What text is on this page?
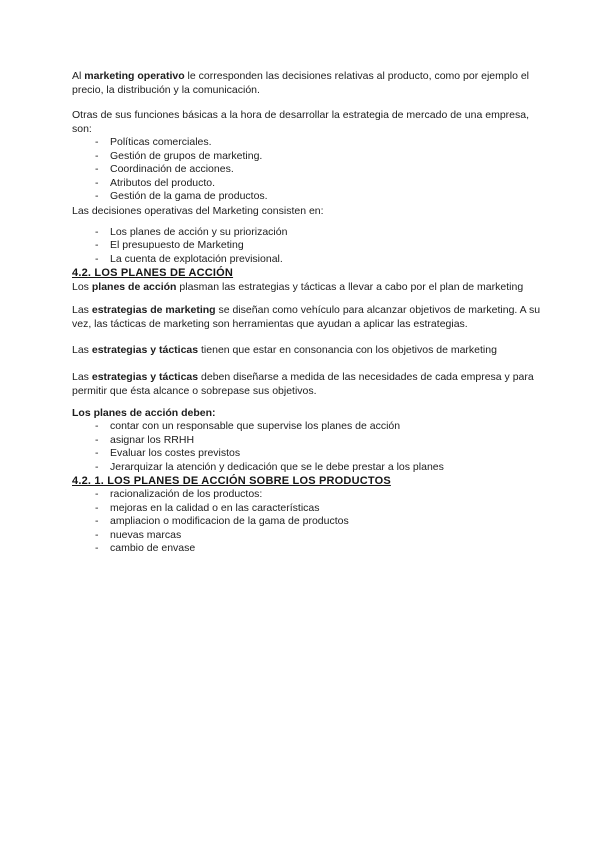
Al marketing operativo le corresponden las decisiones relativas al producto, como por ejemplo el precio, la distribución y la comunicación.

Otras de sus funciones básicas a la hora de desarrollar la estrategia de mercado de una empresa, son:

- Políticas comerciales.
- Gestión de grupos de marketing.
- Coordinación de acciones.
- Atributos del producto.
- Gestión de la gama de productos.

Las decisiones operativas del Marketing consisten en:

- Los planes de acción y su priorización
- El presupuesto de Marketing
- La cuenta de explotación previsional.
4.2. LOS PLANES DE ACCIÓN

Los planes de acción plasman las estrategias y tácticas a llevar a cabo por el plan de marketing

Las estrategias de marketing se diseñan como vehículo para alcanzar objetivos de marketing. A su vez, las tácticas de marketing son herramientas que ayudan a aplicar las estrategias.

Las estrategias y tácticas tienen que estar en consonancia con los objetivos de marketing

Las estrategias y tácticas deben diseñarse a medida de las necesidades de cada empresa y para permitir que ésta alcance o sobrepase sus objetivos.

Los planes de acción deben:

- contar con un responsable que supervise los planes de acción
- asignar los RRHH
- Evaluar los costes previstos
- Jerarquizar la atención y dedicación que se le debe prestar a los planes
4.2. 1. LOS PLANES DE ACCIÓN SOBRE LOS PRODUCTOS
- racionalización de los productos:
- mejoras en la calidad o en las características
- ampliacion o modificacion de la gama de productos
- nuevas marcas
- cambio de envase
